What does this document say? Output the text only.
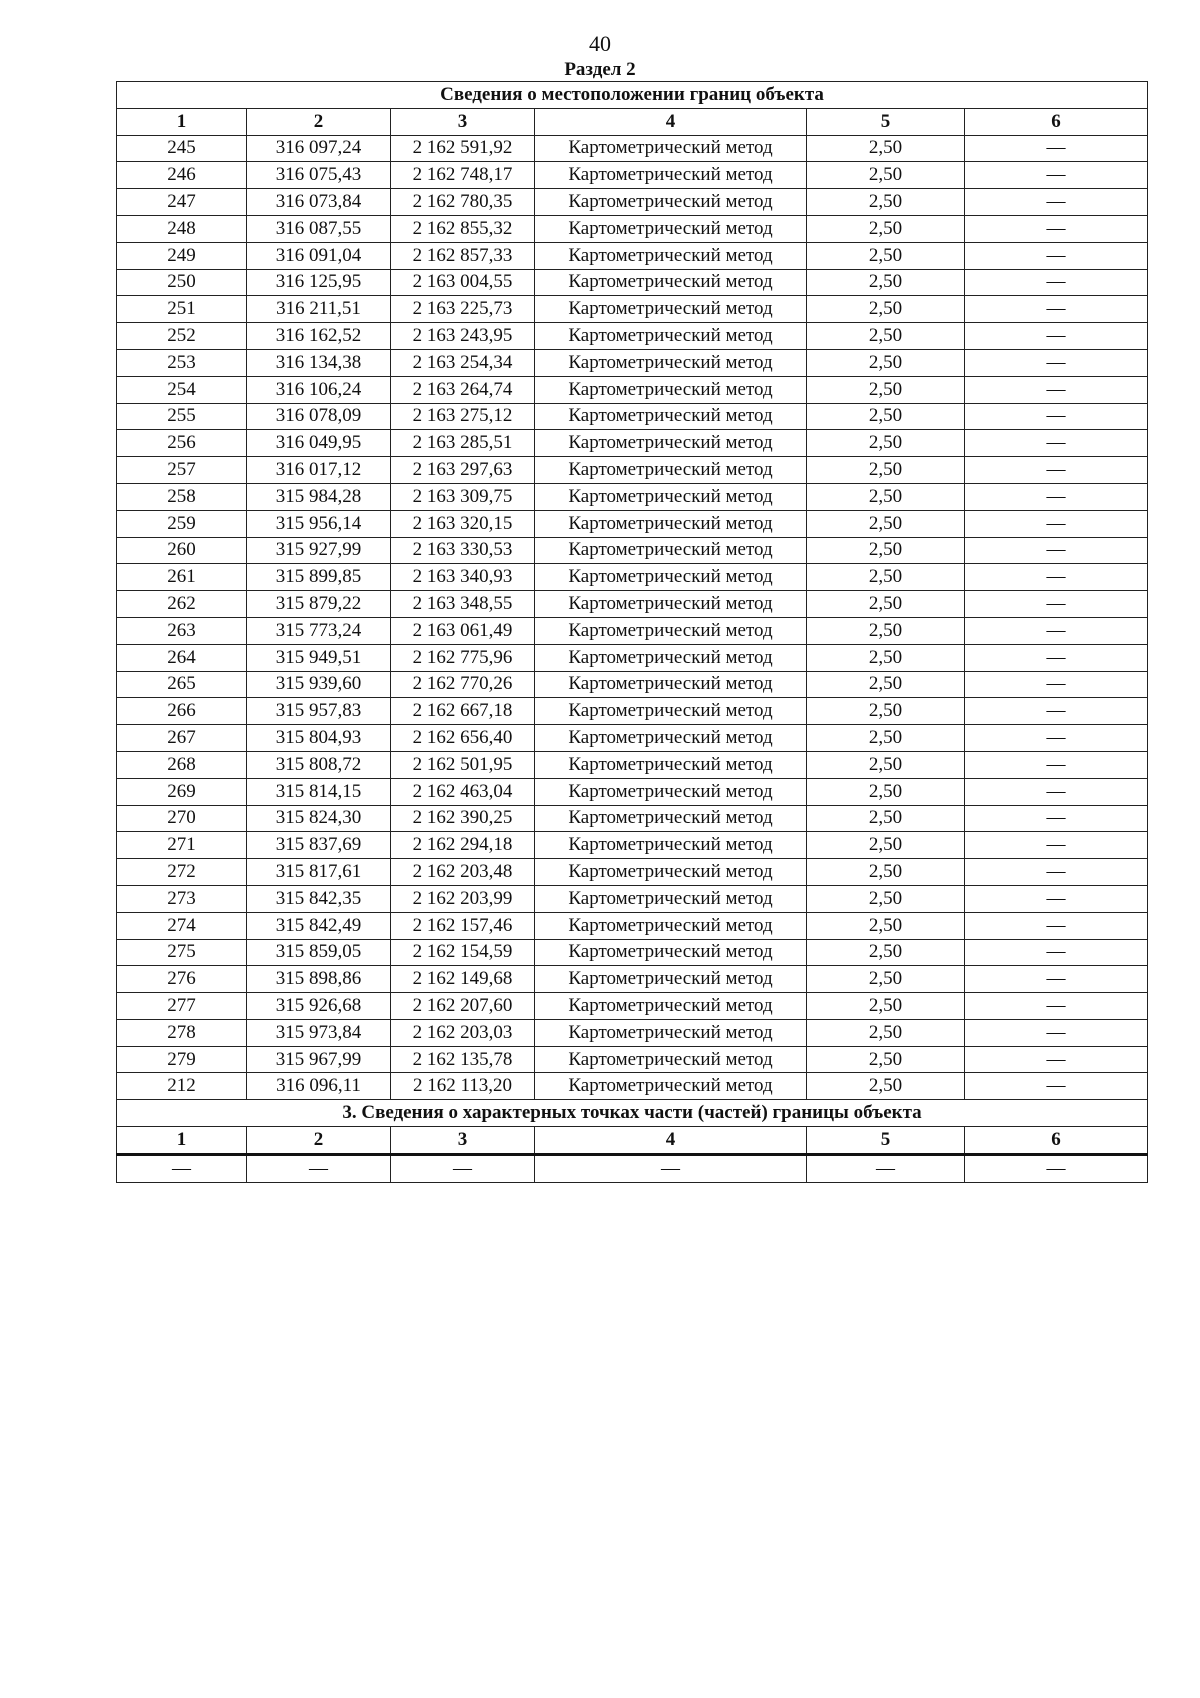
40
Раздел 2
Сведения о местоположении границ объекта					
1	2	3	4	5	6
245	316 097,24	2 162 591,92	Картометрический метод	2,50	—
246	316 075,43	2 162 748,17	Картометрический метод	2,50	—
247	316 073,84	2 162 780,35	Картометрический метод	2,50	—
248	316 087,55	2 162 855,32	Картометрический метод	2,50	—
249	316 091,04	2 162 857,33	Картометрический метод	2,50	—
250	316 125,95	2 163 004,55	Картометрический метод	2,50	—
251	316 211,51	2 163 225,73	Картометрический метод	2,50	—
252	316 162,52	2 163 243,95	Картометрический метод	2,50	—
253	316 134,38	2 163 254,34	Картометрический метод	2,50	—
254	316 106,24	2 163 264,74	Картометрический метод	2,50	—
255	316 078,09	2 163 275,12	Картометрический метод	2,50	—
256	316 049,95	2 163 285,51	Картометрический метод	2,50	—
257	316 017,12	2 163 297,63	Картометрический метод	2,50	—
258	315 984,28	2 163 309,75	Картометрический метод	2,50	—
259	315 956,14	2 163 320,15	Картометрический метод	2,50	—
260	315 927,99	2 163 330,53	Картометрический метод	2,50	—
261	315 899,85	2 163 340,93	Картометрический метод	2,50	—
262	315 879,22	2 163 348,55	Картометрический метод	2,50	—
263	315 773,24	2 163 061,49	Картометрический метод	2,50	—
264	315 949,51	2 162 775,96	Картометрический метод	2,50	—
265	315 939,60	2 162 770,26	Картометрический метод	2,50	—
266	315 957,83	2 162 667,18	Картометрический метод	2,50	—
267	315 804,93	2 162 656,40	Картометрический метод	2,50	—
268	315 808,72	2 162 501,95	Картометрический метод	2,50	—
269	315 814,15	2 162 463,04	Картометрический метод	2,50	—
270	315 824,30	2 162 390,25	Картометрический метод	2,50	—
271	315 837,69	2 162 294,18	Картометрический метод	2,50	—
272	315 817,61	2 162 203,48	Картометрический метод	2,50	—
273	315 842,35	2 162 203,99	Картометрический метод	2,50	—
274	315 842,49	2 162 157,46	Картометрический метод	2,50	—
275	315 859,05	2 162 154,59	Картометрический метод	2,50	—
276	315 898,86	2 162 149,68	Картометрический метод	2,50	—
277	315 926,68	2 162 207,60	Картометрический метод	2,50	—
278	315 973,84	2 162 203,03	Картометрический метод	2,50	—
279	315 967,99	2 162 135,78	Картометрический метод	2,50	—
212	316 096,11	2 162 113,20	Картометрический метод	2,50	—
3. Сведения о характерных точках части (частей) границы объекта					
1	2	3	4	5	6
—	—	—	—	—	—
